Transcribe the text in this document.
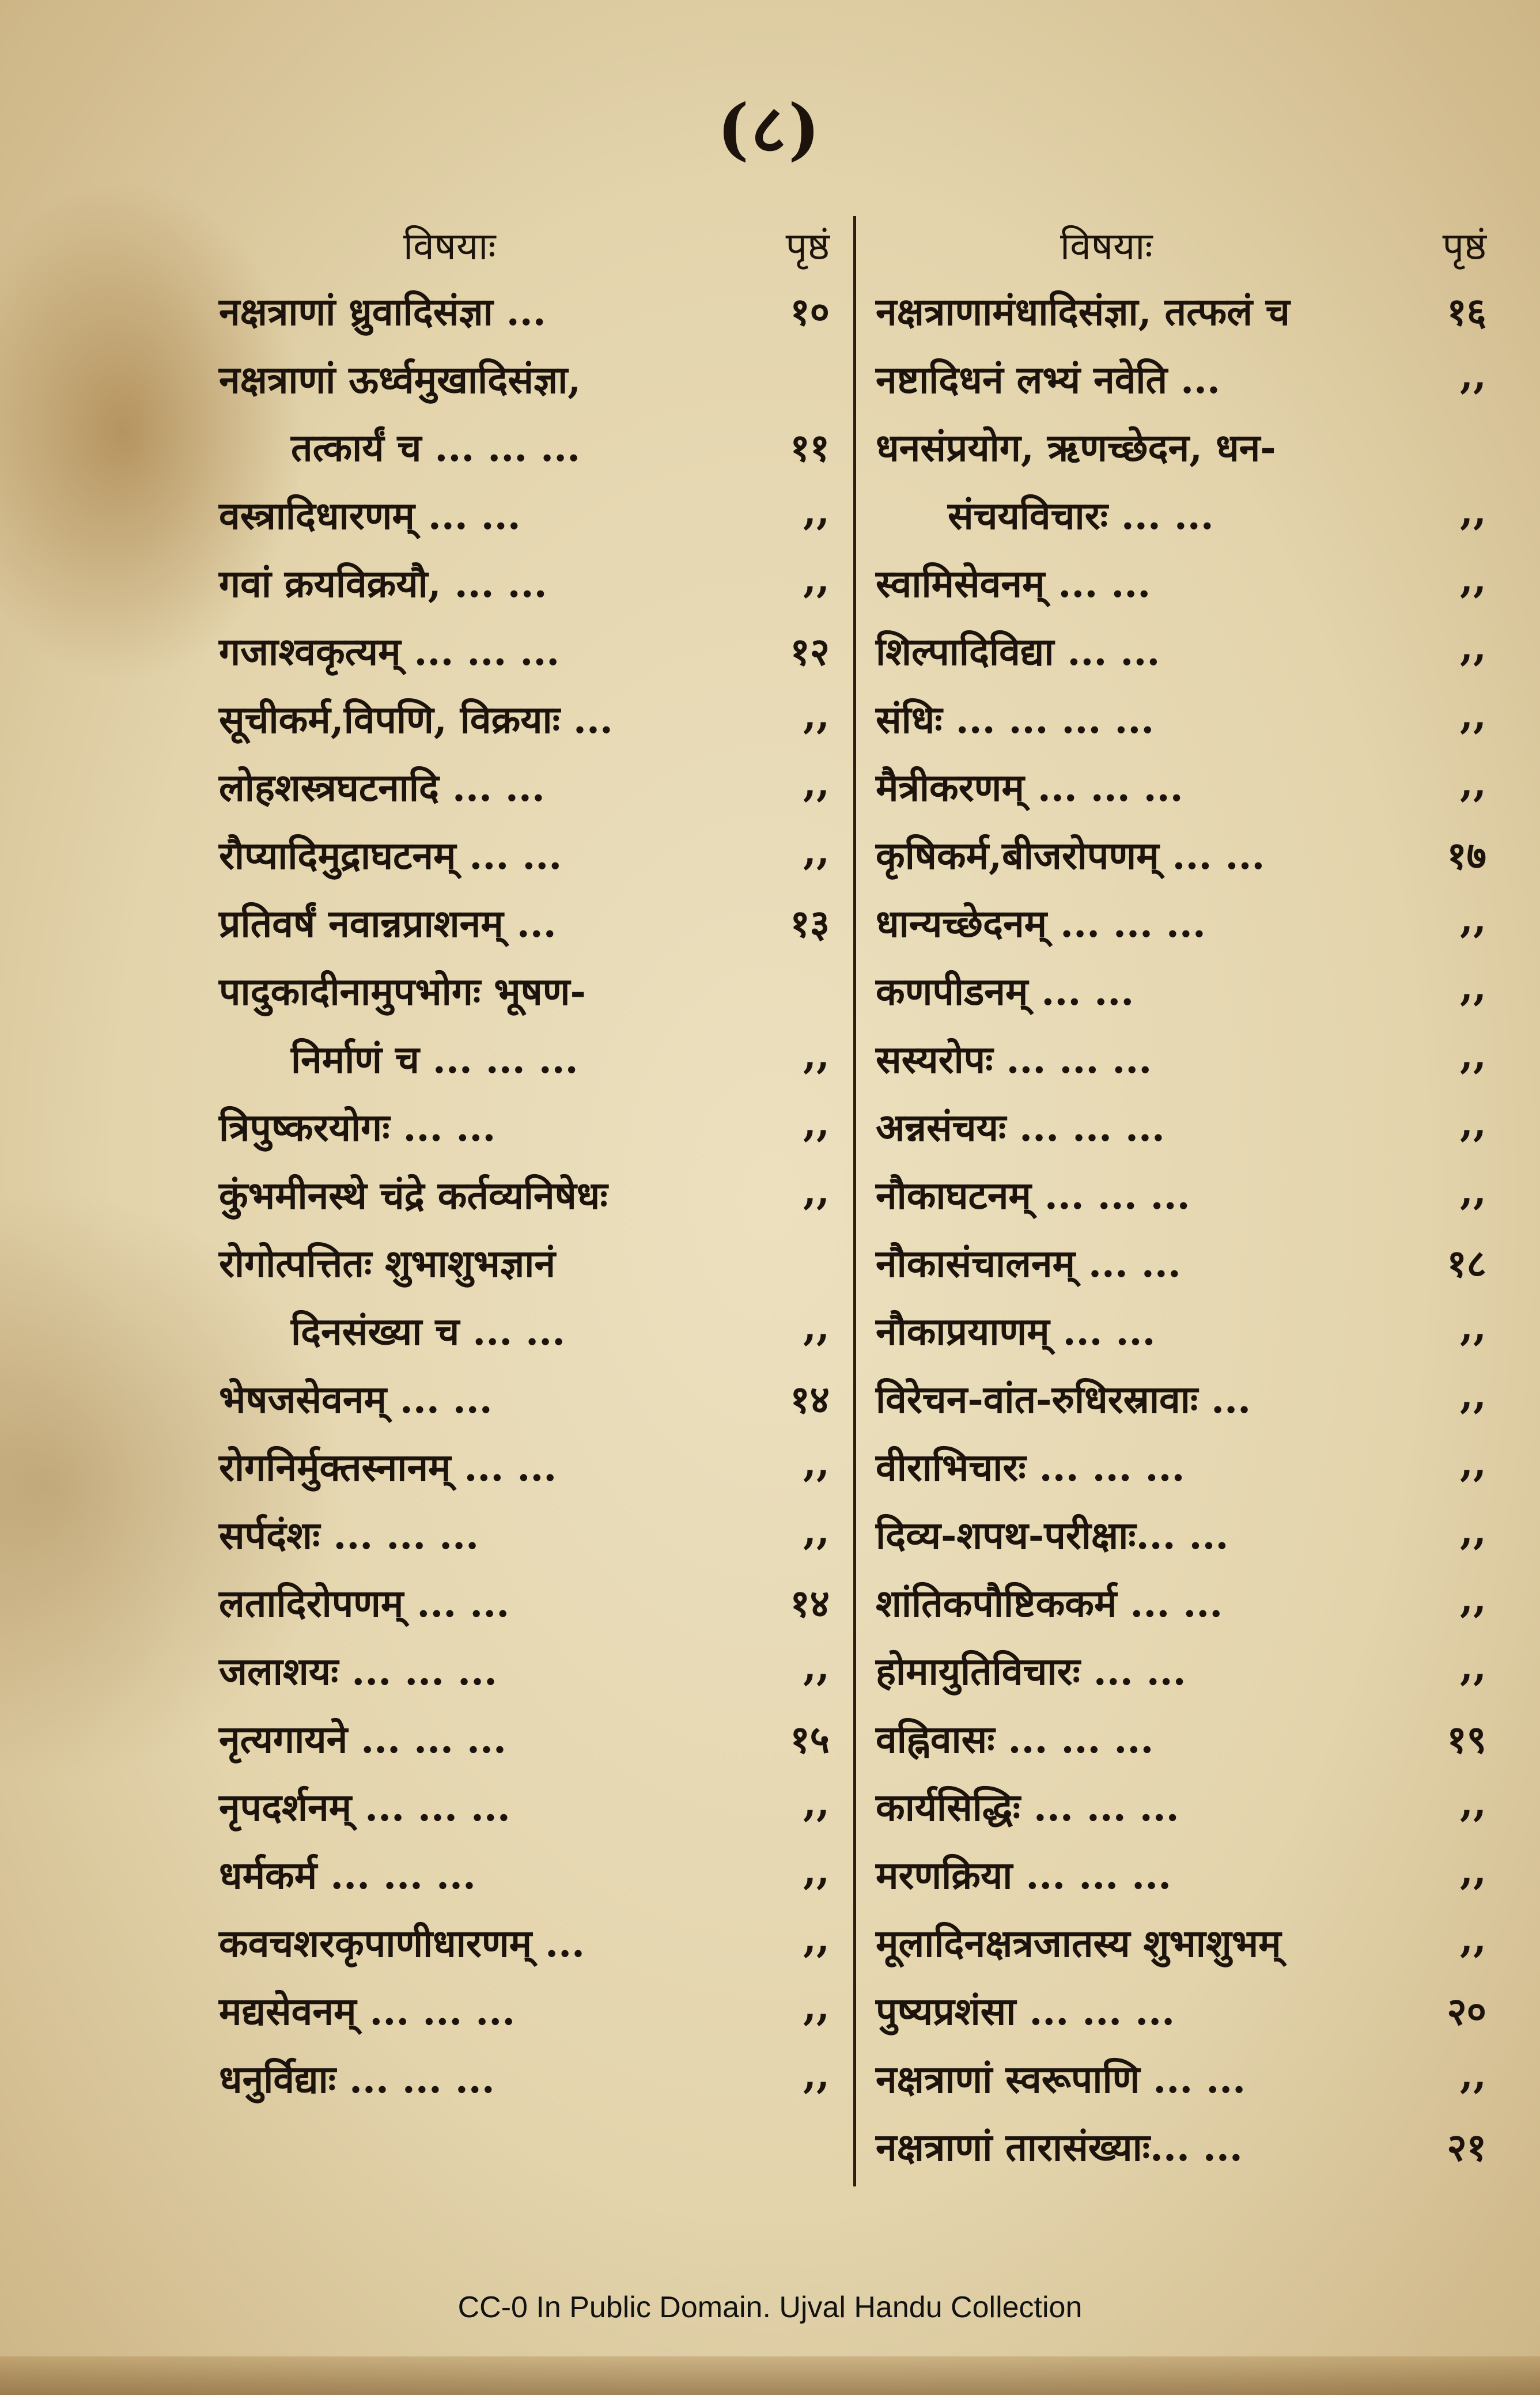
(८)
विषयाः	पृष्ठं
नक्षत्राणां ध्रुवादिसंज्ञा ...	१०
नक्षत्राणां ऊर्ध्वमुखादिसंज्ञा,
तत्कार्यं च ... ... ...	११
वस्त्रादिधारणम् ... ...	,,
गवां क्रयविक्रयौ, ... ...	,,
गजाश्वकृत्यम् ... ... ...	१२
सूचीकर्म,विपणि, विक्रयाः ...	,,
लोहशस्त्रघटनादि ... ...	,,
रौप्यादिमुद्राघटनम् ... ...	,,
प्रतिवर्षं नवान्नप्राशनम् ...	१३
पादुकादीनामुपभोगः भूषण-
निर्माणं च ... ... ...	,,
त्रिपुष्करयोगः ... ...	,,
कुंभमीनस्थे चंद्रे कर्तव्यनिषेधः	,,
रोगोत्पत्तितः शुभाशुभज्ञानं
दिनसंख्या च ... ...	,,
भेषजसेवनम् ... ...	१४
रोगनिर्मुक्तस्नानम् ... ...	,,
सर्पदंशः ... ... ...	,,
लतादिरोपणम् ... ...	१४
जलाशयः ... ... ...	,,
नृत्यगायने ... ... ...	१५
नृपदर्शनम् ... ... ...	,,
धर्मकर्म ... ... ...	,,
कवचशरकृपाणीधारणम् ...	,,
मद्यसेवनम् ... ... ...	,,
धनुर्विद्याः ... ... ...	,,
विषयाः	पृष्ठं
नक्षत्राणामंधादिसंज्ञा, तत्फलं च	१६
नष्टादिधनं लभ्यं नवेति ...	,,
धनसंप्रयोग, ऋणच्छेदन, धन-
संचयविचारः ... ...	,,
स्वामिसेवनम् ... ...	,,
शिल्पादिविद्या ... ...	,,
संधिः ... ... ... ...	,,
मैत्रीकरणम् ... ... ...	,,
कृषिकर्म,बीजरोपणम् ... ...	१७
धान्यच्छेदनम् ... ... ...	,,
कणपीडनम् ... ...	,,
सस्यरोपः ... ... ...	,,
अन्नसंचयः ... ... ...	,,
नौकाघटनम् ... ... ...	,,
नौकासंचालनम् ... ...	१८
नौकाप्रयाणम् ... ...	,,
विरेचन-वांत-रुधिरस्रावाः ...	,,
वीराभिचारः ... ... ...	,,
दिव्य-शपथ-परीक्षाः... ...	,,
शांतिकपौष्टिककर्म ... ...	,,
होमायुतिविचारः ... ...	,,
वह्निवासः ... ... ...	१९
कार्यसिद्धिः ... ... ...	,,
मरणक्रिया ... ... ...	,,
मूलादिनक्षत्रजातस्य शुभाशुभम्	,,
पुष्यप्रशंसा ... ... ...	२०
नक्षत्राणां स्वरूपाणि ... ...	,,
नक्षत्राणां तारासंख्याः... ...	२१
CC-0 In Public Domain. Ujval Handu Collection
